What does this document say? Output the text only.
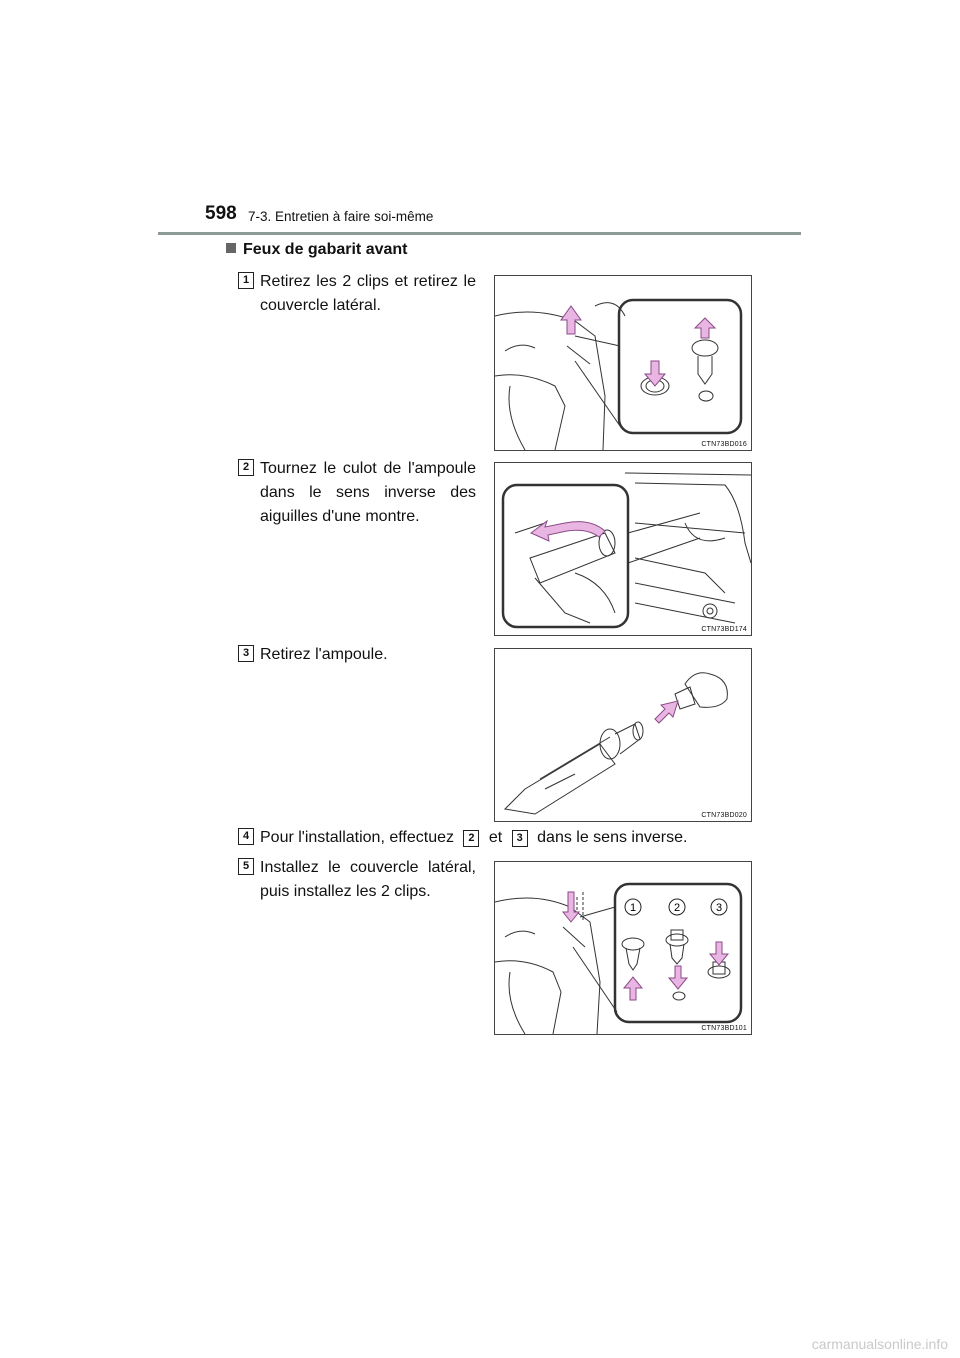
598 7-3. Entretien à faire soi-même
Feux de gabarit avant
1 Retirez les 2 clips et retirez le couvercle latéral.
CTN73BD016
2 Tournez le culot de l'ampoule dans le sens inverse des aiguilles d'une montre.
CTN73BD174
3 Retirez l'ampoule.
CTN73BD020
4 Pour l'installation, effectuez 2 et 3 dans le sens inverse.
5 Installez le couvercle latéral, puis installez les 2 clips.
1	2	3
CTN73BD101
carmanualsonline.info
